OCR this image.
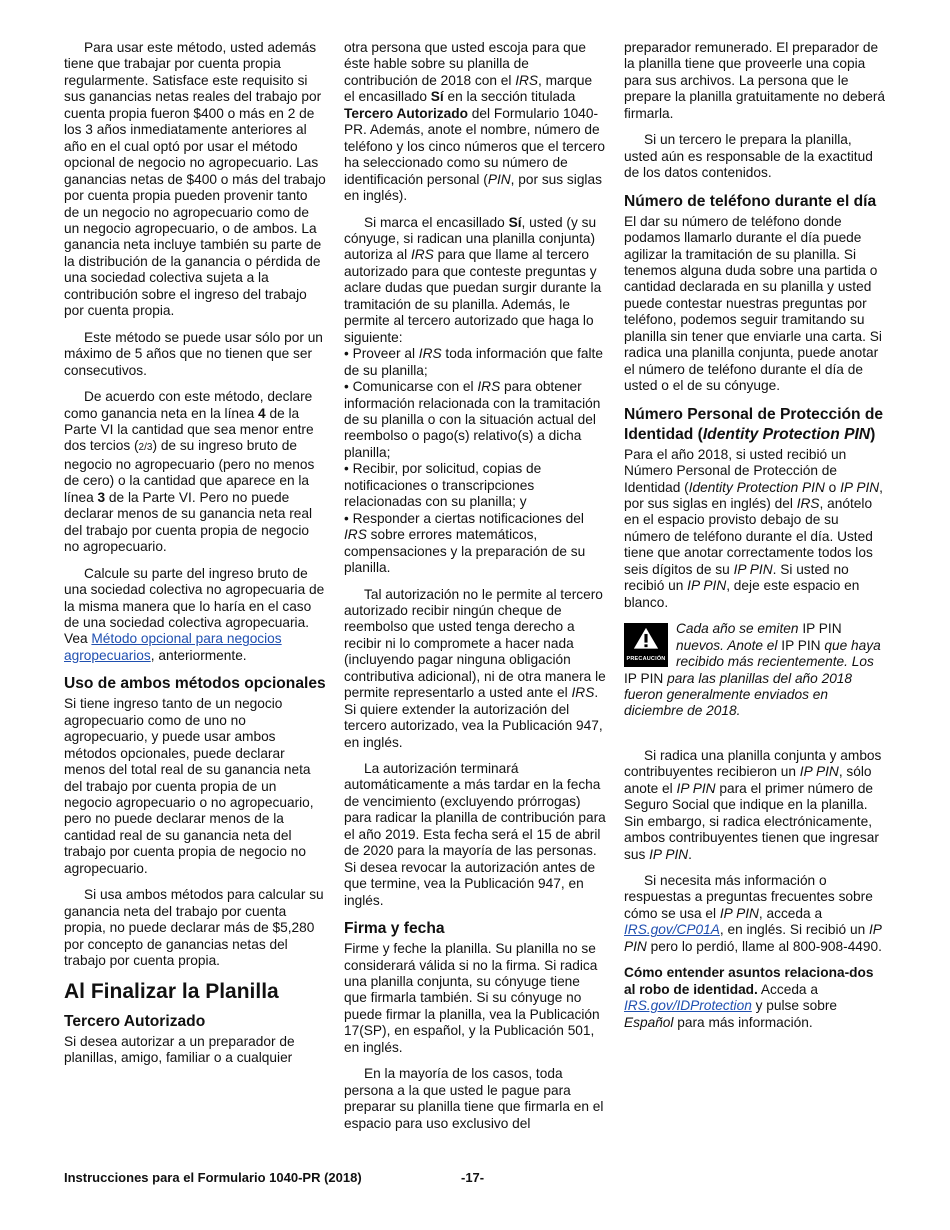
Para usar este método, usted además tiene que trabajar por cuenta propia regularmente. Satisface este requisito si sus ganancias netas reales del trabajo por cuenta propia fueron $400 o más en 2 de los 3 años inmediatamente anteriores al año en el cual optó por usar el método opcional de negocio no agropecuario. Las ganancias netas de $400 o más del trabajo por cuenta propia pueden provenir tanto de un negocio no agropecuario como de un negocio agropecuario, o de ambos. La ganancia neta incluye también su parte de la distribución de la ganancia o pérdida de una sociedad colectiva sujeta a la contribución sobre el ingreso del trabajo por cuenta propia.

Este método se puede usar sólo por un máximo de 5 años que no tienen que ser consecutivos.

De acuerdo con este método, declare como ganancia neta en la línea 4 de la Parte VI la cantidad que sea menor entre dos tercios (2/3) de su ingreso bruto de negocio no agropecuario (pero no menos de cero) o la cantidad que aparece en la línea 3 de la Parte VI. Pero no puede declarar menos de su ganancia neta real del trabajo por cuenta propia de negocio no agropecuario.

Calcule su parte del ingreso bruto de una sociedad colectiva no agropecuaria de la misma manera que lo haría en el caso de una sociedad colectiva agropecuaria. Vea Método opcional para negocios agropecuarios, anteriormente.

Uso de ambos métodos opcionales

Si tiene ingreso tanto de un negocio agropecuario como de uno no agropecuario, y puede usar ambos métodos opcionales, puede declarar menos del total real de su ganancia neta del trabajo por cuenta propia de un negocio agropecuario o no agropecuario, pero no puede declarar menos de la cantidad real de su ganancia neta del trabajo por cuenta propia de negocio no agropecuario.

Si usa ambos métodos para calcular su ganancia neta del trabajo por cuenta propia, no puede declarar más de $5,280 por concepto de ganancias netas del trabajo por cuenta propia.

Al Finalizar la Planilla
Tercero Autorizado

Si desea autorizar a un preparador de planillas, amigo, familiar o a cualquier

otra persona que usted escoja para que éste hable sobre su planilla de contribución de 2018 con el IRS, marque el encasillado Sí en la sección titulada Tercero Autorizado del Formulario 1040-PR. Además, anote el nombre, número de teléfono y los cinco números que el tercero ha seleccionado como su número de identificación personal (PIN, por sus siglas en inglés).

Si marca el encasillado Sí, usted (y su cónyuge, si radican una planilla conjunta) autoriza al IRS para que llame al tercero autorizado para que conteste preguntas y aclare dudas que puedan surgir durante la tramitación de su planilla. Además, le permite al tercero autorizado que haga lo siguiente:

• Proveer al IRS toda información que falte de su planilla;
• Comunicarse con el IRS para obtener información relacionada con la tramitación de su planilla o con la situación actual del reembolso o pago(s) relativo(s) a dicha planilla;
• Recibir, por solicitud, copias de notificaciones o transcripciones relacionadas con su planilla; y
• Responder a ciertas notificaciones del IRS sobre errores matemáticos, compensaciones y la preparación de su planilla.

Tal autorización no le permite al tercero autorizado recibir ningún cheque de reembolso que usted tenga derecho a recibir ni lo compromete a hacer nada (incluyendo pagar ninguna obligación contributiva adicional), ni de otra manera le permite representarlo a usted ante el IRS. Si quiere extender la autorización del tercero autorizado, vea la Publicación 947, en inglés.

La autorización terminará automáticamente a más tardar en la fecha de vencimiento (excluyendo prórrogas) para radicar la planilla de contribución para el año 2019. Esta fecha será el 15 de abril de 2020 para la mayoría de las personas. Si desea revocar la autorización antes de que termine, vea la Publicación 947, en inglés.

Firma y fecha

Firme y feche la planilla. Su planilla no se considerará válida si no la firma. Si radica una planilla conjunta, su cónyuge tiene que firmarla también. Si su cónyuge no puede firmar la planilla, vea la Publicación 17(SP), en español, y la Publicación 501, en inglés.

En la mayoría de los casos, toda persona a la que usted le pague para preparar su planilla tiene que firmarla en el espacio para uso exclusivo del

preparador remunerado. El preparador de la planilla tiene que proveerle una copia para sus archivos. La persona que le prepare la planilla gratuitamente no deberá firmarla.

Si un tercero le prepara la planilla, usted aún es responsable de la exactitud de los datos contenidos.

Número de teléfono durante el día

El dar su número de teléfono donde podamos llamarlo durante el día puede agilizar la tramitación de su planilla. Si tenemos alguna duda sobre una partida o cantidad declarada en su planilla y usted puede contestar nuestras preguntas por teléfono, podemos seguir tramitando su planilla sin tener que enviarle una carta. Si radica una planilla conjunta, puede anotar el número de teléfono durante el día de usted o el de su cónyuge.

Número Personal de Protección de Identidad (Identity Protection PIN)

Para el año 2018, si usted recibió un Número Personal de Protección de Identidad (Identity Protection PIN o IP PIN, por sus siglas en inglés) del IRS, anótelo en el espacio provisto debajo de su número de teléfono durante el día. Usted tiene que anotar correctamente todos los seis dígitos de su IP PIN. Si usted no recibió un IP PIN, deje este espacio en blanco.

PRECAUCIÓN
Cada año se emiten IP PIN nuevos. Anote el IP PIN que haya recibido más recientemente. Los IP PIN para las planillas del año 2018 fueron generalmente enviados en diciembre de 2018.

Si radica una planilla conjunta y ambos contribuyentes recibieron un IP PIN, sólo anote el IP PIN para el primer número de Seguro Social que indique en la planilla. Sin embargo, si radica electrónicamente, ambos contribuyentes tienen que ingresar sus IP PIN.

Si necesita más información o respuestas a preguntas frecuentes sobre cómo se usa el IP PIN, acceda a IRS.gov/CP01A, en inglés. Si recibió un IP PIN pero lo perdió, llame al 800-908-4490.

Cómo entender asuntos relaciona-dos al robo de identidad. Acceda a IRS.gov/IDProtection y pulse sobre Español para más información.

Instrucciones para el Formulario 1040-PR (2018)	-17-
